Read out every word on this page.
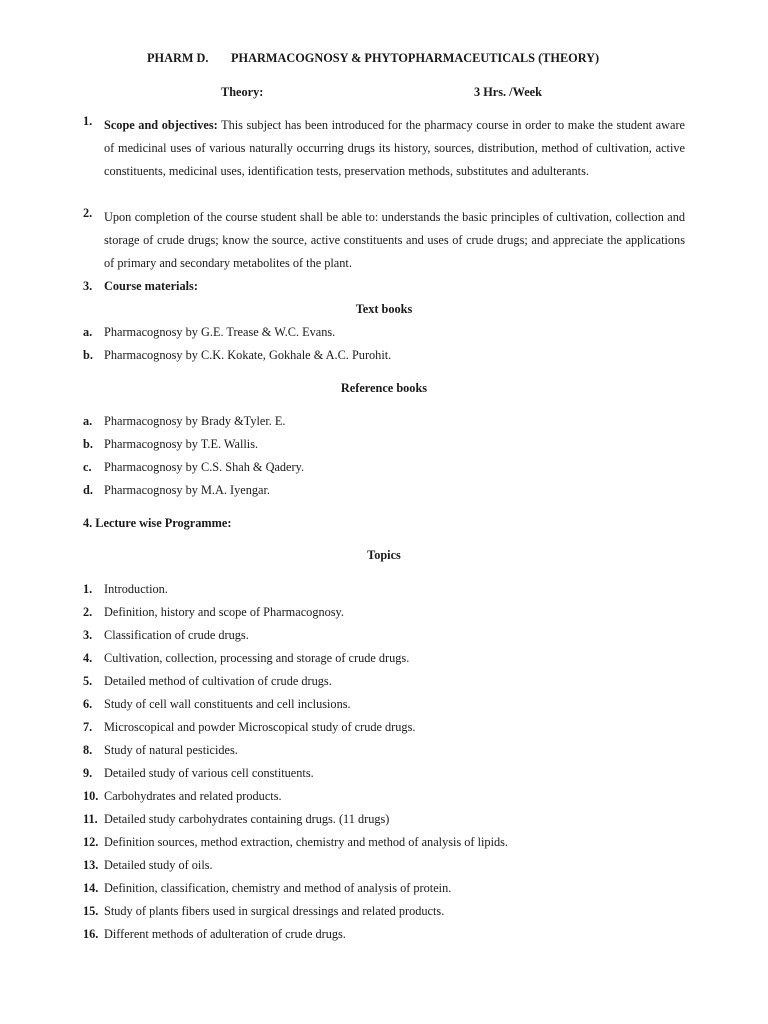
PHARM D. PHARMACOGNOSY & PHYTOPHARMACEUTICALS (THEORY)
Theory:	3 Hrs. /Week
1. Scope and objectives: This subject has been introduced for the pharmacy course in order to make the student aware of medicinal uses of various naturally occurring drugs its history, sources, distribution, method of cultivation, active constituents, medicinal uses, identification tests, preservation methods, substitutes and adulterants.
2. Upon completion of the course student shall be able to: understands the basic principles of cultivation, collection and storage of crude drugs; know the source, active constituents and uses of crude drugs; and appreciate the applications of primary and secondary metabolites of the plant.
3. Course materials:
Text books
a. Pharmacognosy by G.E. Trease & W.C. Evans.
b. Pharmacognosy by C.K. Kokate, Gokhale & A.C. Purohit.
Reference books
a. Pharmacognosy by Brady &Tyler. E.
b. Pharmacognosy by T.E. Wallis.
c. Pharmacognosy by C.S. Shah & Qadery.
d. Pharmacognosy by M.A. Iyengar.
4. Lecture wise Programme:
Topics
1. Introduction.
2. Definition, history and scope of Pharmacognosy.
3. Classification of crude drugs.
4. Cultivation, collection, processing and storage of crude drugs.
5. Detailed method of cultivation of crude drugs.
6. Study of cell wall constituents and cell inclusions.
7. Microscopical and powder Microscopical study of crude drugs.
8. Study of natural pesticides.
9. Detailed study of various cell constituents.
10. Carbohydrates and related products.
11. Detailed study carbohydrates containing drugs. (11 drugs)
12. Definition sources, method extraction, chemistry and method of analysis of lipids.
13. Detailed study of oils.
14. Definition, classification, chemistry and method of analysis of protein.
15. Study of plants fibers used in surgical dressings and related products.
16. Different methods of adulteration of crude drugs.
